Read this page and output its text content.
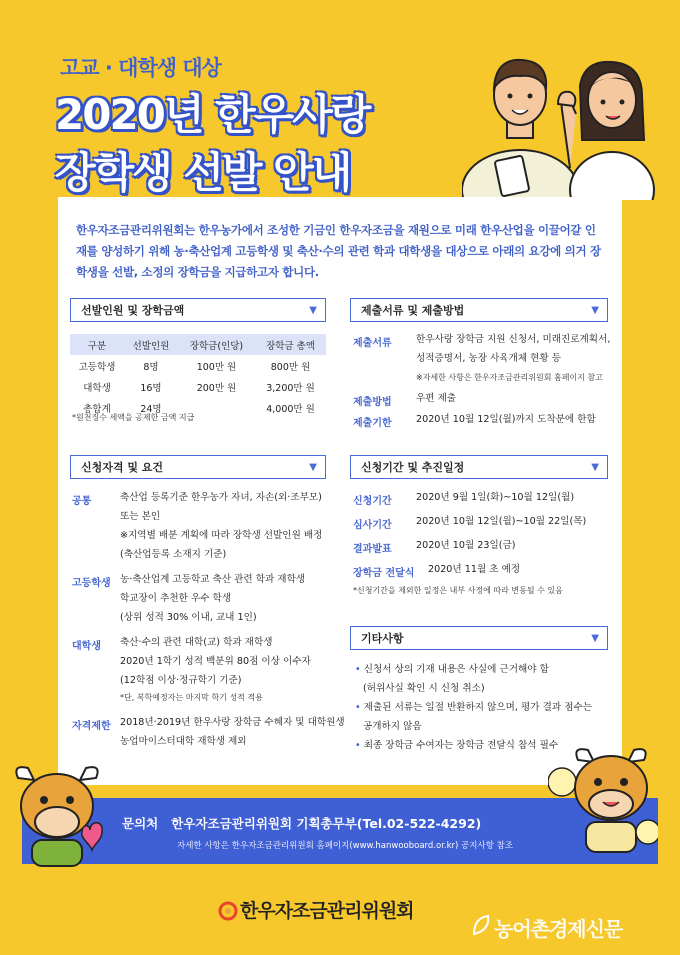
고교 · 대학생 대상
2020년 한우사랑
장학생 선발 안내
한우자조금관리위원회는 한우농가에서 조성한 기금인 한우자조금을 재원으로 미래 한우산업을 이끌어갈 인재를 양성하기 위해 농·축산업계 고등학생 및 축산·수의 관련 학과 대학생을 대상으로 아래의 요강에 의거 장학생을 선발, 소정의 장학금을 지급하고자 합니다.
선발인원 및 장학금액	▼
구분	선발인원	장학금(인당)	장학금 총액
고등학생	8명	100만 원	800만 원
대학생	16명	200만 원	3,200만 원
총합계	24명		4,000만 원
*원천징수 세액을 공제한 금액 지급
제출서류 및 제출방법	▼
제출서류	한우사랑 장학금 지원 신청서, 미래진로계획서,
성적증명서, 농장 사육개체 현황 등
※자세한 사항은 한우자조금관리위원회 홈페이지 참고
제출방법	우편 제출
제출기한	2020년 10월 12일(월)까지 도착분에 한함
신청자격 및 요건	▼
공통	축산업 등록기준 한우농가 자녀, 자손(외·조부모)
또는 본인
※지역별 배분 계획에 따라 장학생 선발인원 배정
(축산업등록 소재지 기준)
고등학생 농·축산업계 고등학교 축산 관련 학과 재학생
학교장이 추천한 우수 학생
(상위 성적 30% 이내, 교내 1인)
대학생 축산·수의 관련 대학(교) 학과 재학생
2020년 1학기 성적 백분위 80점 이상 이수자
(12학점 이상·정규학기 기준)
*단, 복학예정자는 마지막 학기 성적 적용
자격제한 2018년·2019년 한우사랑 장학금 수혜자 및 대학원생
농업마이스터대학 재학생 제외
신청기간 및 추진일정	▼
신청기간	2020년 9월 1일(화)~10월 12일(월)
심사기간	2020년 10월 12일(월)~10월 22일(목)
결과발표	2020년 10월 23일(금)
장학금 전달식 2020년 11월 초 예정
*신청기간을 제외한 일정은 내부 사정에 따라 변동될 수 있음
기타사항	▼
• 신청서 상의 기재 내용은 사실에 근거해야 함
(허위사실 확인 시 신청 취소)
• 제출된 서류는 일절 반환하지 않으며, 평가 결과 점수는
공개하지 않음
• 최종 장학금 수여자는 장학금 전달식 참석 필수
문의처 한우자조금관리위원회 기획총무부(Tel.02-522-4292)
자세한 사항은 한우자조금관리위원회 홈페이지(www.hanwooboard.or.kr) 공지사항 참조
한우자조금관리위원회
농어촌경제신문
